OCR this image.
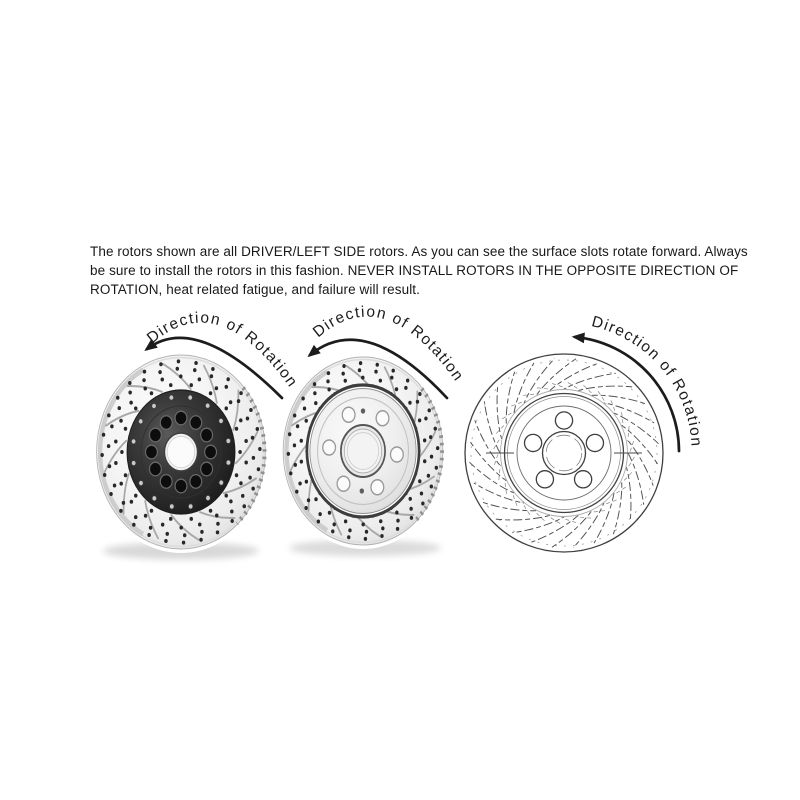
The rotors shown are all DRIVER/LEFT SIDE rotors. As you can see the surface slots rotate forward. Always
be sure to install the rotors in this fashion. NEVER INSTALL ROTORS IN THE OPPOSITE DIRECTION OF
ROTATION, heat related fatigue, and failure will result.
Direction of Rotation
Direction of Rotation
Direction of Rotation
